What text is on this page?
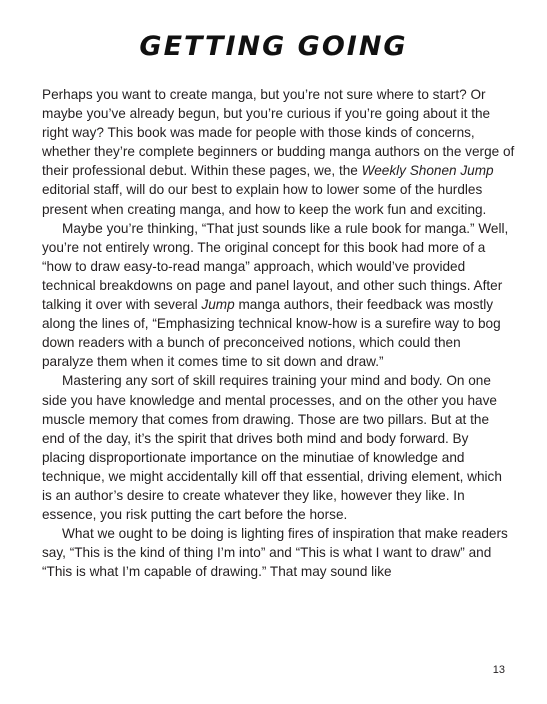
GETTING GOING

Perhaps you want to create manga, but you’re not sure where to start? Or maybe you’ve already begun, but you’re curious if you’re going about it the right way? This book was made for people with those kinds of concerns, whether they’re complete beginners or budding manga authors on the verge of their professional debut. Within these pages, we, the Weekly Shonen Jump editorial staff, will do our best to explain how to lower some of the hurdles present when creating manga, and how to keep the work fun and exciting.

Maybe you’re thinking, “That just sounds like a rule book for manga.” Well, you’re not entirely wrong. The original concept for this book had more of a “how to draw easy-to-read manga” approach, which would’ve provided technical breakdowns on page and panel layout, and other such things. After talking it over with several Jump manga authors, their feedback was mostly along the lines of, “Emphasizing technical know-how is a surefire way to bog down readers with a bunch of preconceived notions, which could then paralyze them when it comes time to sit down and draw.”

Mastering any sort of skill requires training your mind and body. On one side you have knowledge and mental processes, and on the other you have muscle memory that comes from drawing. Those are two pillars. But at the end of the day, it’s the spirit that drives both mind and body forward. By placing disproportionate importance on the minutiae of knowledge and technique, we might accidentally kill off that essential, driving element, which is an author’s desire to create whatever they like, however they like. In essence, you risk putting the cart before the horse.

What we ought to be doing is lighting fires of inspiration that make readers say, “This is the kind of thing I’m into” and “This is what I want to draw” and “This is what I’m capable of drawing.” That may sound like

13
